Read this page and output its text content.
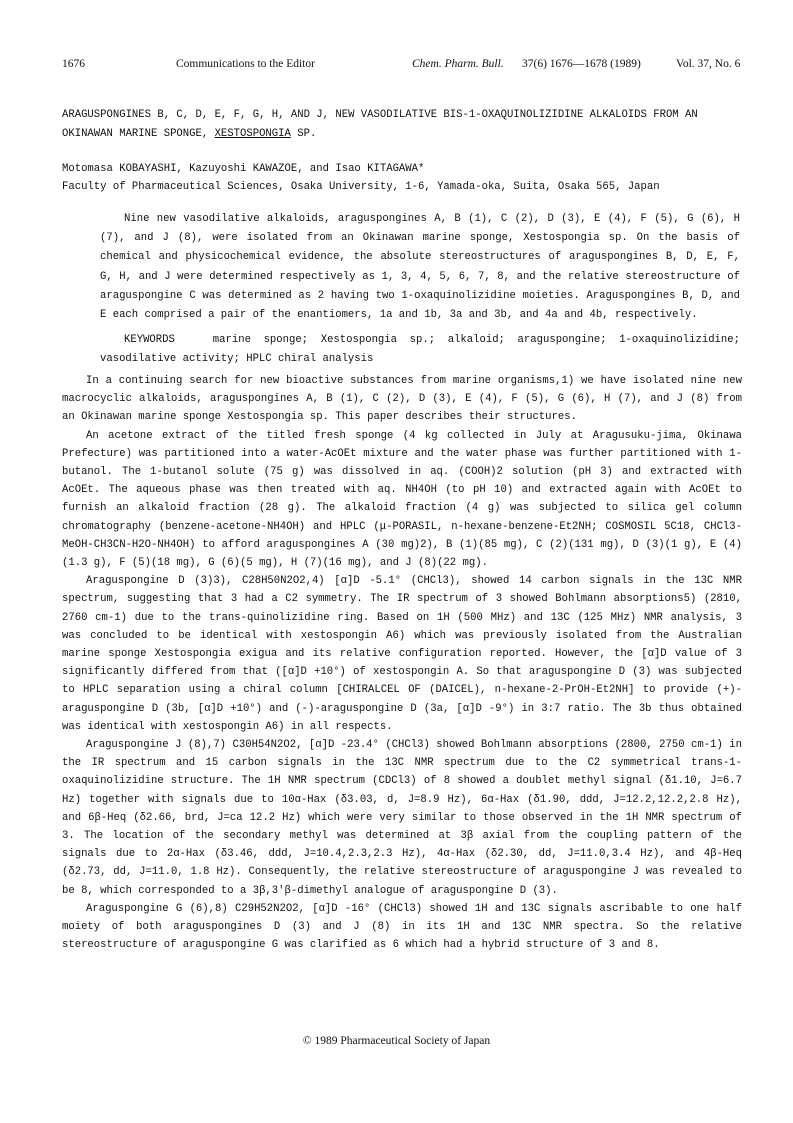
1676	Communications to the Editor	Chem. Pharm. Bull. 37(6) 1676—1678 (1989)	Vol. 37, No. 6
ARAGUSPONGINES B, C, D, E, F, G, H, AND J, NEW VASODILATIVE BIS-1-OXAQUINOLIZIDINE ALKALOIDS FROM AN
OKINAWAN MARINE SPONGE, XESTOSPONGIA SP.
Motomasa KOBAYASHI, Kazuyoshi KAWAZOE, and Isao KITAGAWA*
Faculty of Pharmaceutical Sciences, Osaka University, 1-6, Yamada-oka, Suita, Osaka 565, Japan

Nine new vasodilative alkaloids, araguspongines A, B (1), C (2), D (3), E (4), F (5), G (6), H (7), and J (8), were isolated from an Okinawan marine sponge, Xestospongia sp. On the basis of chemical and physicochemical evidence, the absolute stereostructures of araguspongines B, D, E, F, G, H, and J were determined respectively as 1, 3, 4, 5, 6, 7, 8, and the relative stereostructure of araguspongine C was determined as 2 having two 1-oxaquinolizidine moieties. Araguspongines B, D, and E each comprised a pair of the enantiomers, 1a and 1b, 3a and 3b, and 4a and 4b, respectively.

KEYWORDS	marine sponge; Xestospongia sp.; alkaloid; araguspongine; 1-oxaquinolizidine; vasodilative activity; HPLC chiral analysis

In a continuing search for new bioactive substances from marine organisms,1) we have isolated nine new macrocyclic alkaloids, araguspongines A, B (1), C (2), D (3), E (4), F (5), G (6), H (7), and J (8) from an Okinawan marine sponge Xestospongia sp. This paper describes their structures.

An acetone extract of the titled fresh sponge (4 kg collected in July at Aragusuku-jima, Okinawa Prefecture) was partitioned into a water-AcOEt mixture and the water phase was further partitioned with 1-butanol. The 1-butanol solute (75 g) was dissolved in aq. (COOH)2 solution (pH 3) and extracted with AcOEt. The aqueous phase was then treated with aq. NH4OH (to pH 10) and extracted again with AcOEt to furnish an alkaloid fraction (28 g). The alkaloid fraction (4 g) was subjected to silica gel column chromatography (benzene-acetone-NH4OH) and HPLC (μ-PORASIL, n-hexane-benzene-Et2NH; COSMOSIL 5C18, CHCl3-MeOH-CH3CN-H2O-NH4OH) to afford araguspongines A (30 mg)2), B (1)(85 mg), C (2)(131 mg), D (3)(1 g), E (4) (1.3 g), F (5)(18 mg), G (6)(5 mg), H (7)(16 mg), and J (8)(22 mg).

Araguspongine D (3)3), C28H50N2O2,4) [α]D -5.1° (CHCl3), showed 14 carbon signals in the 13C NMR spectrum, suggesting that 3 had a C2 symmetry. The IR spectrum of 3 showed Bohlmann absorptions5) (2810, 2760 cm-1) due to the trans-quinolizidine ring. Based on 1H (500 MHz) and 13C (125 MHz) NMR analysis, 3 was concluded to be identical with xestospongin A6) which was previously isolated from the Australian marine sponge Xestospongia exigua and its relative configuration reported. However, the [α]D value of 3 significantly differed from that ([α]D +10°) of xestospongin A. So that araguspongine D (3) was subjected to HPLC separation using a chiral column [CHIRALCEL OF (DAICEL), n-hexane-2-PrOH-Et2NH] to provide (+)-araguspongine D (3b, [α]D +10°) and (-)-araguspongine D (3a, [α]D -9°) in 3:7 ratio. The 3b thus obtained was identical with xestospongin A6) in all respects.

Araguspongine J (8),7) C30H54N2O2, [α]D -23.4° (CHCl3) showed Bohlmann absorptions (2800, 2750 cm-1) in the IR spectrum and 15 carbon signals in the 13C NMR spectrum due to the C2 symmetrical trans-1-oxaquinolizidine structure. The 1H NMR spectrum (CDCl3) of 8 showed a doublet methyl signal (δ1.10, J=6.7 Hz) together with signals due to 10α-Hax (δ3.03, d, J=8.9 Hz), 6α-Hax (δ1.90, ddd, J=12.2,12.2,2.8 Hz), and 6β-Heq (δ2.66, brd, J=ca 12.2 Hz) which were very similar to those observed in the 1H NMR spectrum of 3. The location of the secondary methyl was determined at 3β axial from the coupling pattern of the signals due to 2α-Hax (δ3.46, ddd, J=10.4,2.3,2.3 Hz), 4α-Hax (δ2.30, dd, J=11.0,3.4 Hz), and 4β-Heq (δ2.73, dd, J=11.0, 1.8 Hz). Consequently, the relative stereostructure of araguspongine J was revealed to be 8, which corresponded to a 3β,3'β-dimethyl analogue of araguspongine D (3).

Araguspongine G (6),8) C29H52N2O2, [α]D -16° (CHCl3) showed 1H and 13C signals ascribable to one half moiety of both araguspongines D (3) and J (8) in its 1H and 13C NMR spectra. So the relative stereostructure of araguspongine G was clarified as 6 which had a hybrid structure of 3 and 8.

© 1989 Pharmaceutical Society of Japan
